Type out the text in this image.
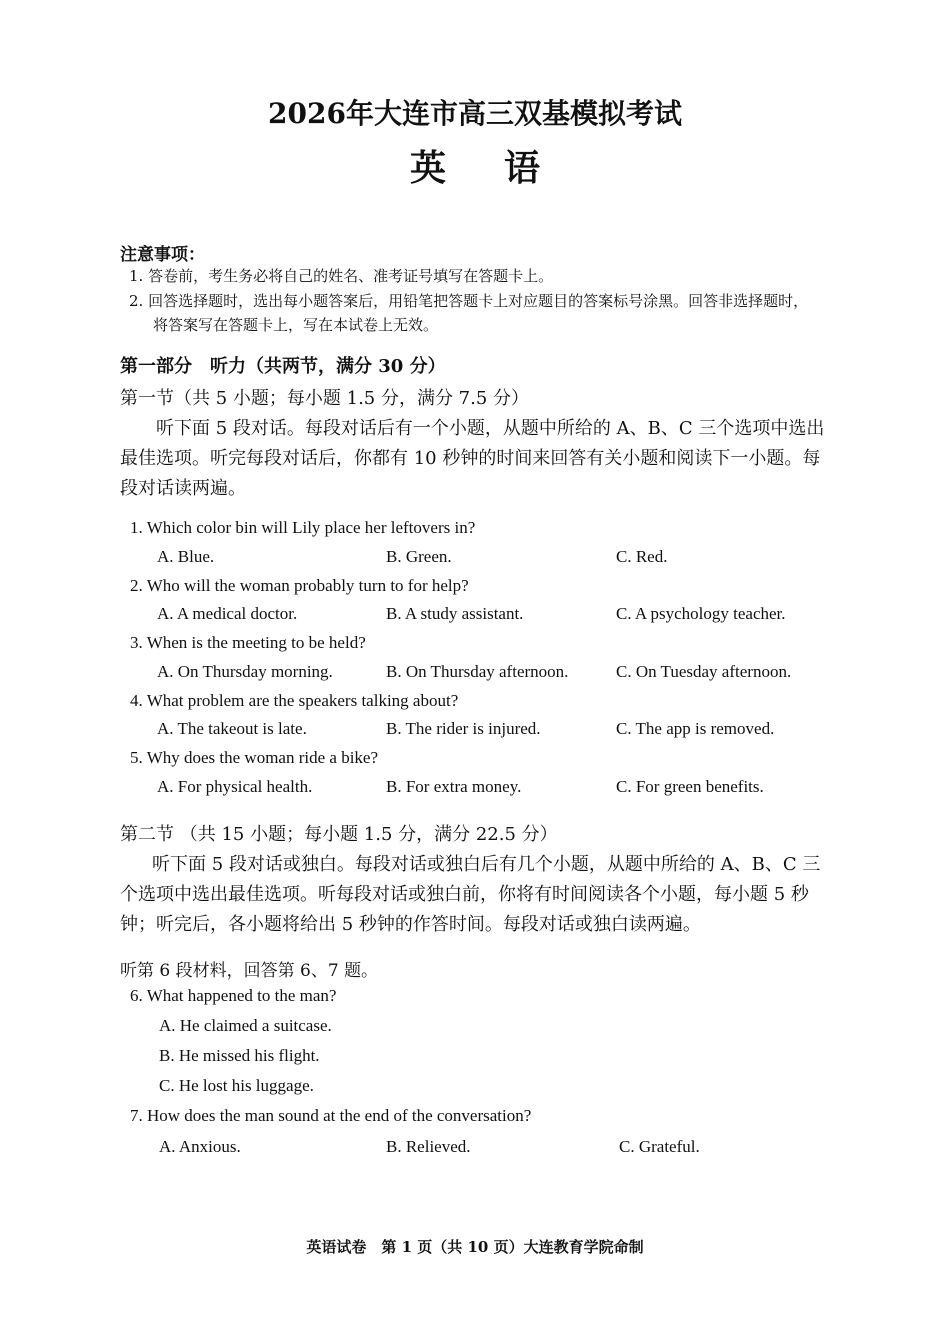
2026年大连市高三双基模拟考试
英语
注意事项：
1. 答卷前，考生务必将自己的姓名、准考证号填写在答题卡上。
2. 回答选择题时，选出每小题答案后，用铅笔把答题卡上对应题目的答案标号涂黑。回答非选择题时，
将答案写在答题卡上，写在本试卷上无效。
第一部分　听力（共两节，满分 30 分）
第一节（共 5 小题；每小题 1.5 分，满分 7.5 分）
听下面 5 段对话。每段对话后有一个小题，从题中所给的 A、B、C 三个选项中选出
最佳选项。听完每段对话后，你都有 10 秒钟的时间来回答有关小题和阅读下一小题。每
段对话读两遍。
1. Which color bin will Lily place her leftovers in?
A. Blue.	B. Green.	C. Red.
2. Who will the woman probably turn to for help?
A. A medical doctor.	B. A study assistant.	C. A psychology teacher.
3. When is the meeting to be held?
A. On Thursday morning.	B. On Thursday afternoon.	C. On Tuesday afternoon.
4. What problem are the speakers talking about?
A. The takeout is late.	B. The rider is injured.	C. The app is removed.
5. Why does the woman ride a bike?
A. For physical health.	B. For extra money.	C. For green benefits.
第二节 （共 15 小题；每小题 1.5 分，满分 22.5 分）
听下面 5 段对话或独白。每段对话或独白后有几个小题，从题中所给的 A、B、C 三
个选项中选出最佳选项。听每段对话或独白前，你将有时间阅读各个小题，每小题 5 秒
钟；听完后，各小题将给出 5 秒钟的作答时间。每段对话或独白读两遍。
听第 6 段材料，回答第 6、7 题。
6. What happened to the man?
A. He claimed a suitcase.
B. He missed his flight.
C. He lost his luggage.
7. How does the man sound at the end of the conversation?
A. Anxious.	B. Relieved.	C. Grateful.
英语试卷　第 1 页（共 10 页）大连教育学院命制
